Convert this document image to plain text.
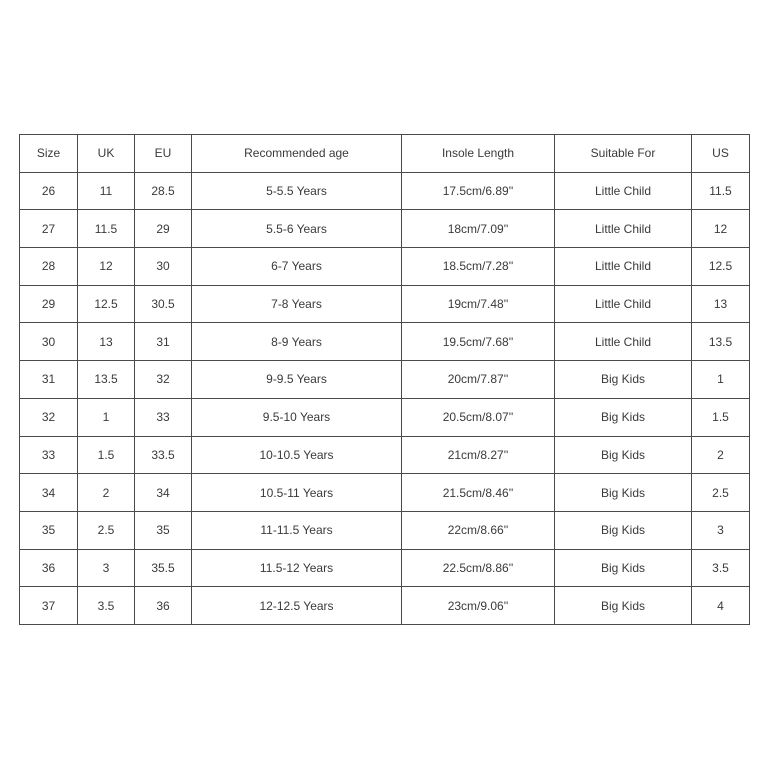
Size	UK	EU	Recommended age	Insole Length	Suitable For	US
26	11	28.5	5-5.5 Years	17.5cm/6.89''	Little Child	11.5
27	11.5	29	5.5-6 Years	18cm/7.09''	Little Child	12
28	12	30	6-7 Years	18.5cm/7.28''	Little Child	12.5
29	12.5	30.5	7-8 Years	19cm/7.48''	Little Child	13
30	13	31	8-9 Years	19.5cm/7.68''	Little Child	13.5
31	13.5	32	9-9.5 Years	20cm/7.87''	Big Kids	1
32	1	33	9.5-10 Years	20.5cm/8.07''	Big Kids	1.5
33	1.5	33.5	10-10.5 Years	21cm/8.27''	Big Kids	2
34	2	34	10.5-11 Years	21.5cm/8.46''	Big Kids	2.5
35	2.5	35	11-11.5 Years	22cm/8.66''	Big Kids	3
36	3	35.5	11.5-12 Years	22.5cm/8.86''	Big Kids	3.5
37	3.5	36	12-12.5 Years	23cm/9.06''	Big Kids	4
